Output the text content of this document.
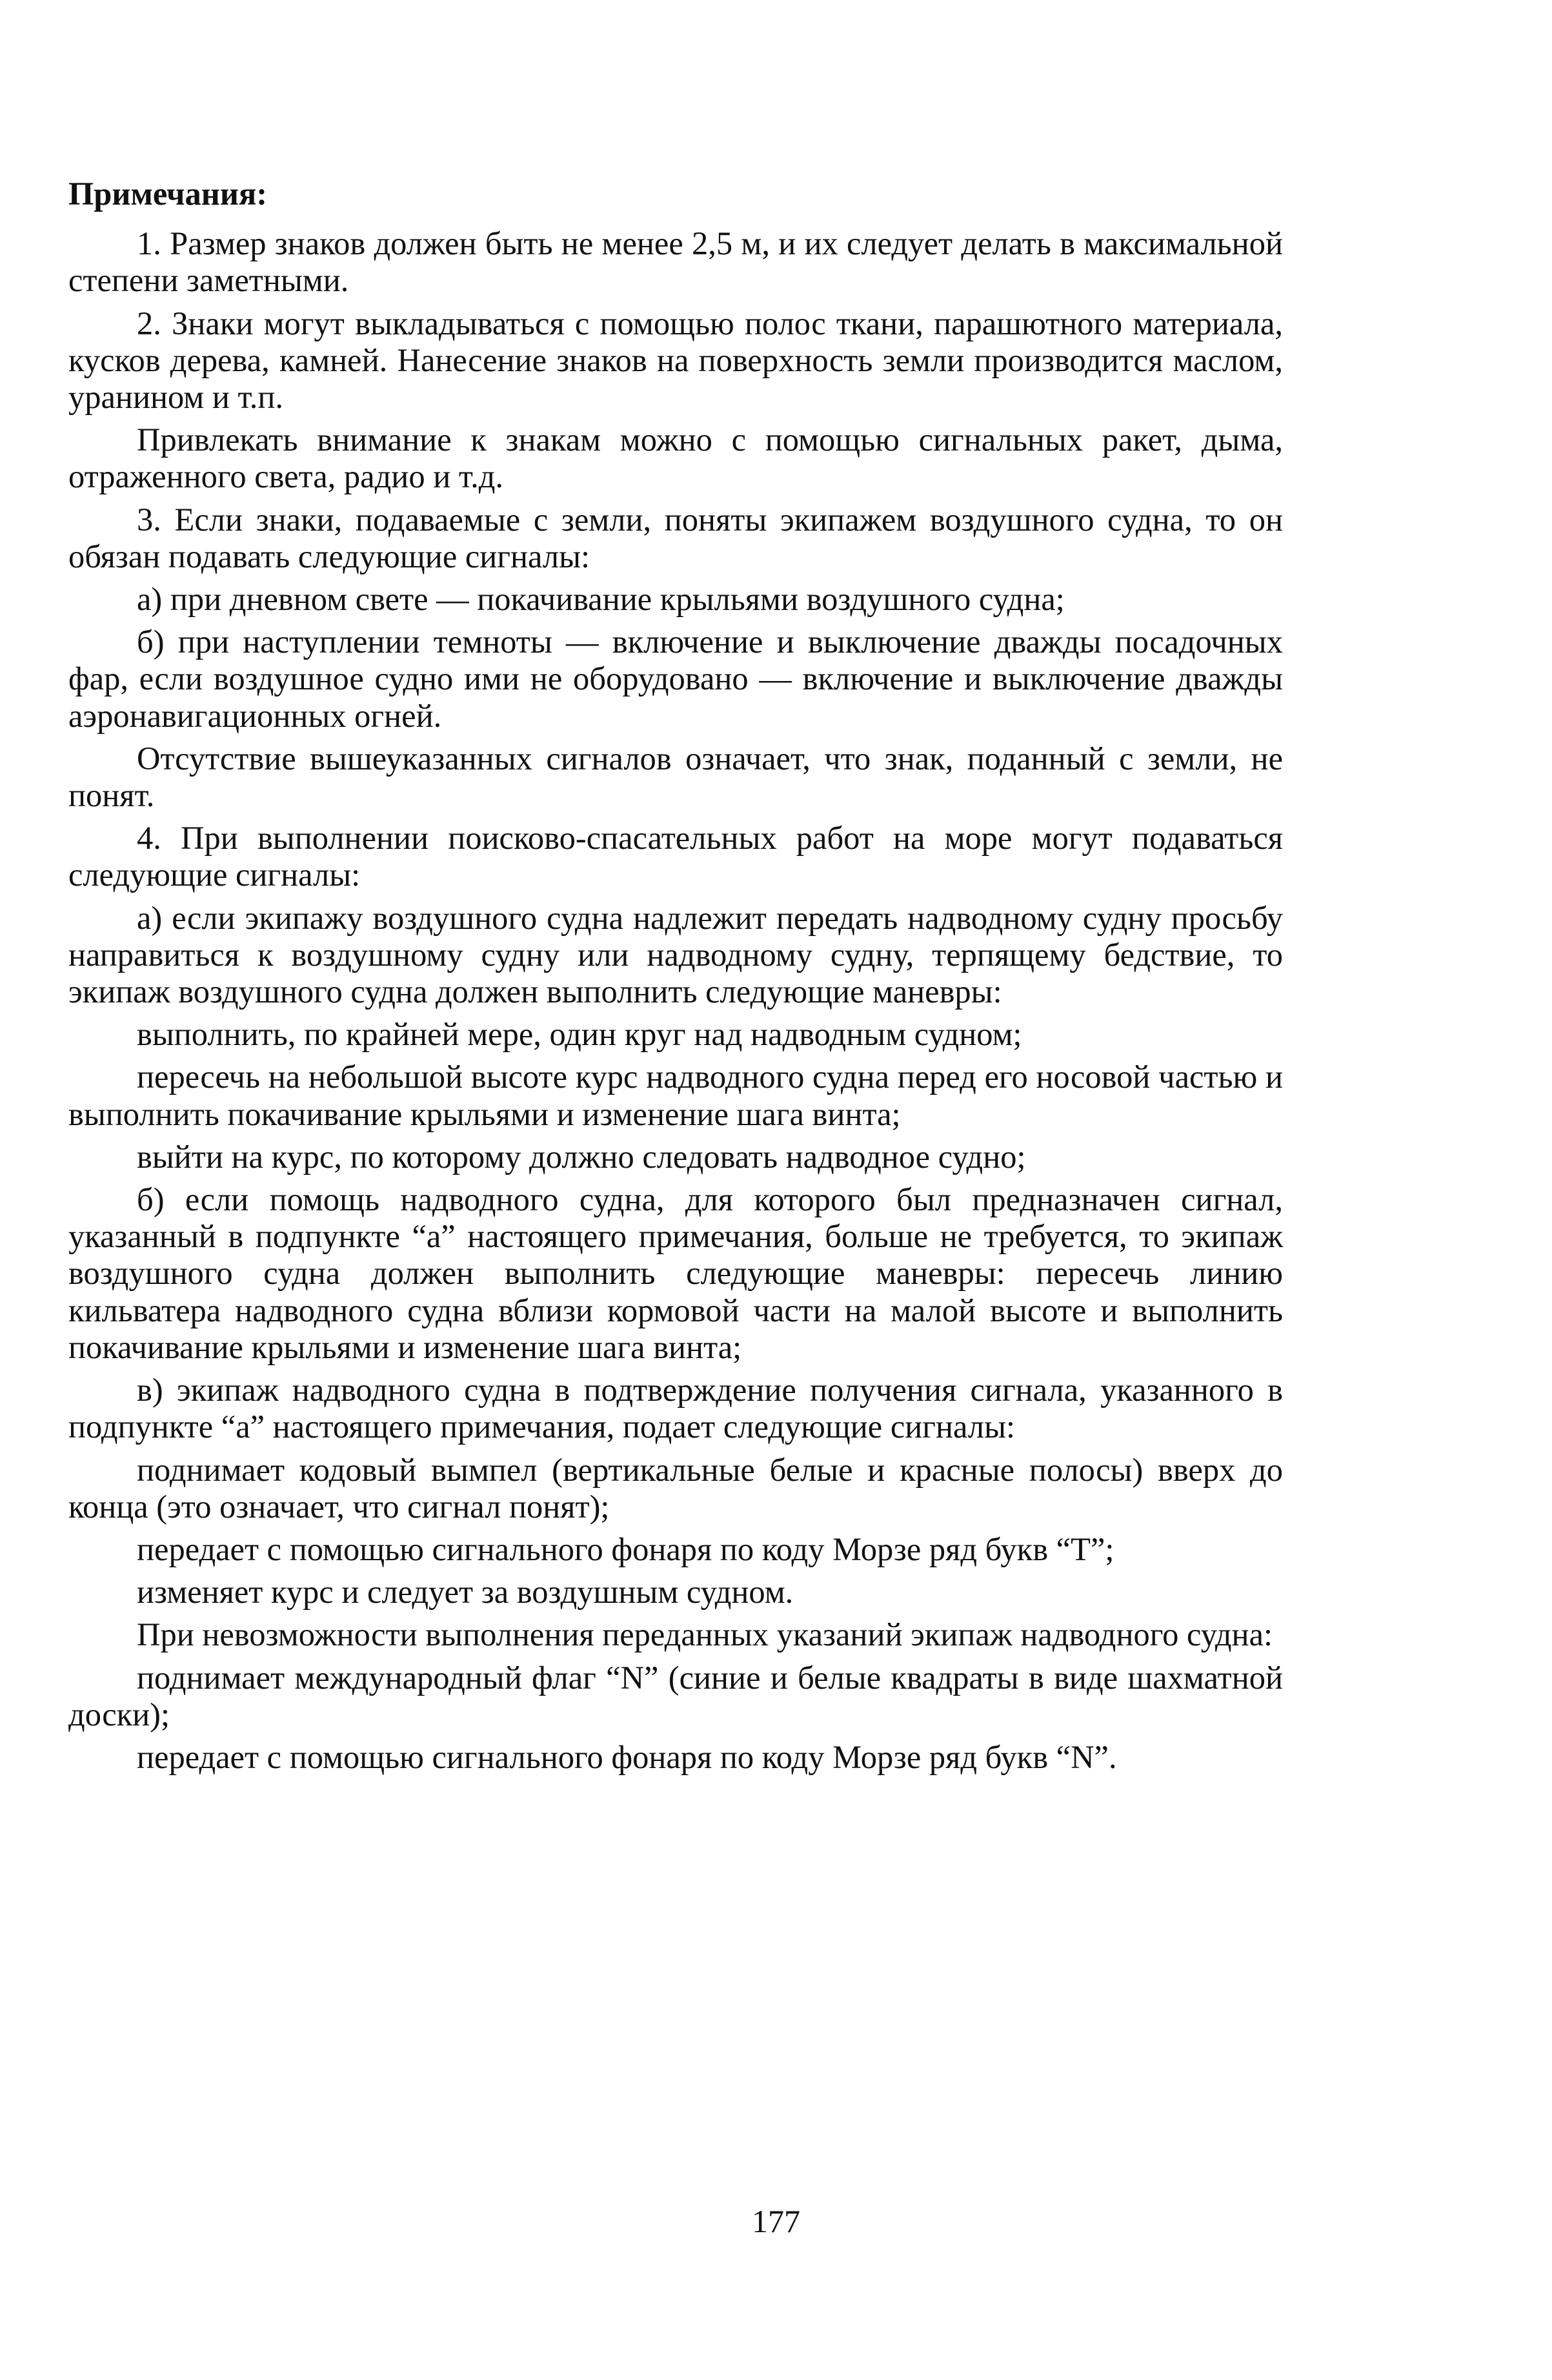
Примечания:

1. Размер знаков должен быть не менее 2,5 м, и их следует делать в максимальной степени заметными.

2. Знаки могут выкладываться с помощью полос ткани, парашютного материала, кусков дерева, камней. Нанесение знаков на поверхность земли производится маслом, уранином и т.п.

Привлекать внимание к знакам можно с помощью сигнальных ракет, дыма, отраженного света, радио и т.д.

3. Если знаки, подаваемые с земли, поняты экипажем воздушного судна, то он обязан подавать следующие сигналы:

а) при дневном свете — покачивание крыльями воздушного судна;

б) при наступлении темноты — включение и выключение дважды посадочных фар, если воздушное судно ими не оборудовано — включение и выключение дважды аэронавигационных огней.

Отсутствие вышеуказанных сигналов означает, что знак, поданный с земли, не понят.

4. При выполнении поисково-спасательных работ на море могут подаваться следующие сигналы:

а) если экипажу воздушного судна надлежит передать надводному судну просьбу направиться к воздушному судну или надводному судну, терпящему бедствие, то экипаж воздушного судна должен выполнить следующие маневры:

выполнить, по крайней мере, один круг над надводным судном;

пересечь на небольшой высоте курс надводного судна перед его носовой частью и выполнить покачивание крыльями и изменение шага винта;

выйти на курс, по которому должно следовать надводное судно;

б) если помощь надводного судна, для которого был предназначен сигнал, указанный в подпункте “а” настоящего примечания, больше не требуется, то экипаж воздушного судна должен выполнить следующие маневры: пересечь линию кильватера надводного судна вблизи кормовой части на малой высоте и выполнить покачивание крыльями и изменение шага винта;

в) экипаж надводного судна в подтверждение получения сигнала, указанного в подпункте “а” настоящего примечания, подает следующие сигналы:

поднимает кодовый вымпел (вертикальные белые и красные полосы) вверх до конца (это означает, что сигнал понят);

передает с помощью сигнального фонаря по коду Морзе ряд букв “Т”;

изменяет курс и следует за воздушным судном.

При невозможности выполнения переданных указаний экипаж надводного судна:

поднимает международный флаг “N” (синие и белые квадраты в виде шахматной доски);

передает с помощью сигнального фонаря по коду Морзе ряд букв “N”.

177
